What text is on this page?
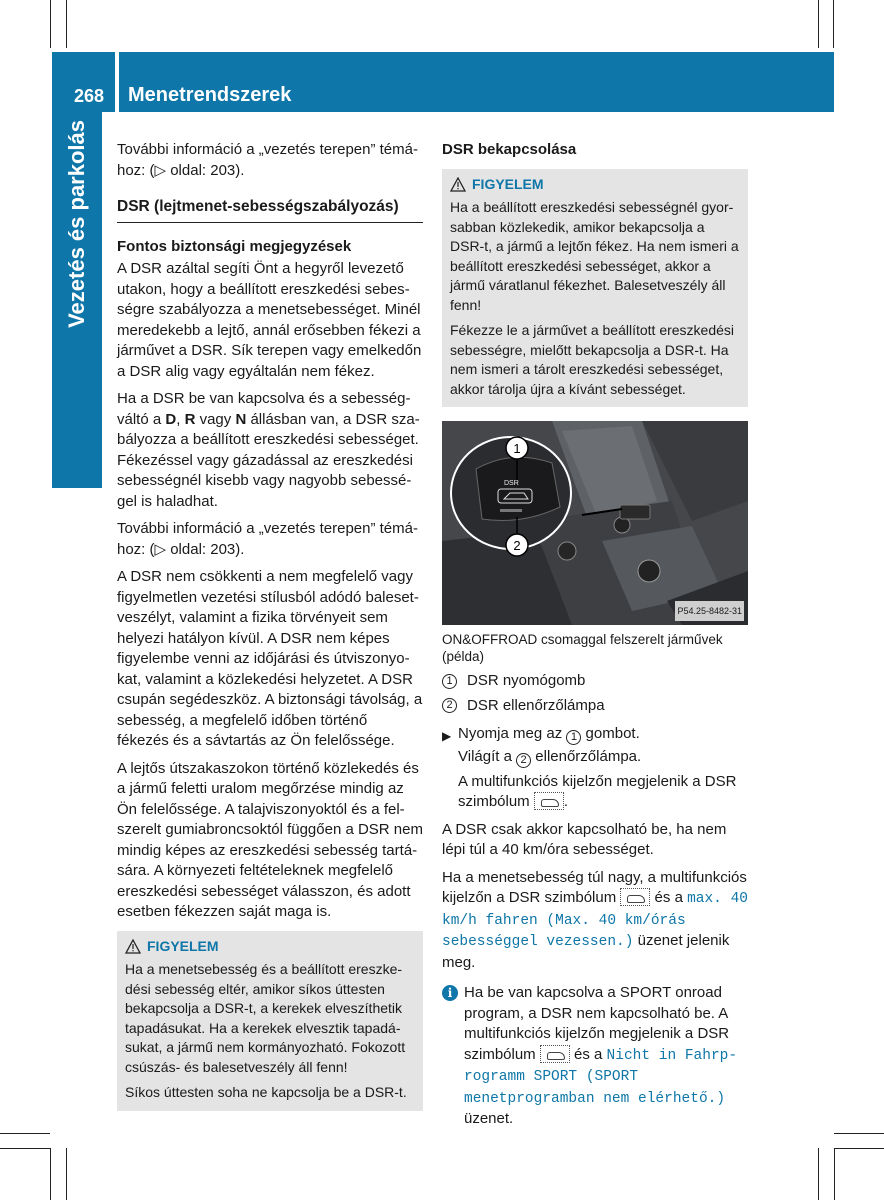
268 Menetrendszerek
Vezetés és parkolás További információ a „vezetés terepen” témá-
hoz: (▷ oldal: 203).

DSR (lejtmenet-sebességszabályozás)
Fontos biztonsági megjegyzések

A DSR azáltal segíti Önt a hegyről levezető utakon, hogy a beállított ereszkedési sebességre szabályozza a menetsebességet. Minél meredekebb a lejtő, annál erősebben fékezi a járművet a DSR. Sík terepen vagy emelkedőn a DSR alig vagy egyáltalán nem fékez.

Ha a DSR be van kapcsolva és a sebességváltó a D, R vagy N állásban van, a DSR szabályozza a beállított ereszkedési sebességet. Fékezéssel vagy gázadással az ereszkedési sebességnél kisebb vagy nagyobb sebességel is haladhat.

További információ a „vezetés terepen” témához: (▷ oldal: 203).

A DSR nem csökkenti a nem megfelelő vagy figyelmetlen vezetési stílusból adódó balesetveszélyt, valamint a fizika törvényeit sem helyezi hatályon kívül. A DSR nem képes figyelembe venni az időjárási és útviszonyokat, valamint a közlekedési helyzetet. A DSR csupán segédeszköz. A biztonsági távolság, a sebesség, a megfelelő időben történő fékezés és a sávtartás az Ön felelőssége.

A lejtős útszakaszokon történő közlekedés és a jármű feletti uralom megőrzése mindig az Ön felelőssége. A talajviszonyoktól és a felszerelt gumiabroncsoktól függően a DSR nem mindig képes az ereszkedési sebesség tartására. A környezeti feltételeknek megfelelő ereszkedési sebességet válasszon, és adott esetben fékezzen saját maga is.

FIGYELEM

Ha a menetsebesség és a beállított ereszkedési sebesség eltér, amikor síkos úttesten bekapcsolja a DSR-t, a kerekek elveszíthetik tapadásukat. Ha a kerekek elvesztik tapadásukat, a jármű nem kormányozható. Fokozott csúszás- és balesetveszély áll fenn!

Síkos úttesten soha ne kapcsolja be a DSR-t.

DSR bekapcsolása
FIGYELEM

Ha a beállított ereszkedési sebességnél gyorsabban közlekedik, amikor bekapcsolja a DSR-t, a jármű a lejtőn fékez. Ha nem ismeri a beállított ereszkedési sebességet, akkor a jármű váratlanul fékezhet. Balesetveszély áll fenn!

Fékezze le a járművet a beállított ereszkedési sebességre, mielőtt bekapcsolja a DSR-t. Ha nem ismeri a tárolt ereszkedési sebességet, akkor tárolja újra a kívánt sebességet.

1
2
DSR
P54.25-8482-31
ON&OFFROAD csomaggal felszerelt járművek (példa)
1 DSR nyomógomb
2 DSR ellenőrzőlámpa
▶ Nyomja meg az 1 gombot.
Világít a 2 ellenőrzőlámpa.

A multifunkciós kijelzőn megjelenik a DSR szimbólum .

A DSR csak akkor kapcsolható be, ha nem lépi túl a 40 km/óra sebességet.

Ha a menetsebesség túl nagy, a multifunkciós kijelzőn a DSR szimbólum  és a max. 40 km/h fahren (Max. 40 km/órás sebességgel vezessen.) üzenet jelenik meg.

i Ha be van kapcsolva a SPORT onroad program, a DSR nem kapcsolható be. A multifunkciós kijelzőn megjelenik a DSR szimbólum  és a Nicht in Fahrprogramm SPORT (SPORT menetprogramban nem elérhető.) üzenet.
